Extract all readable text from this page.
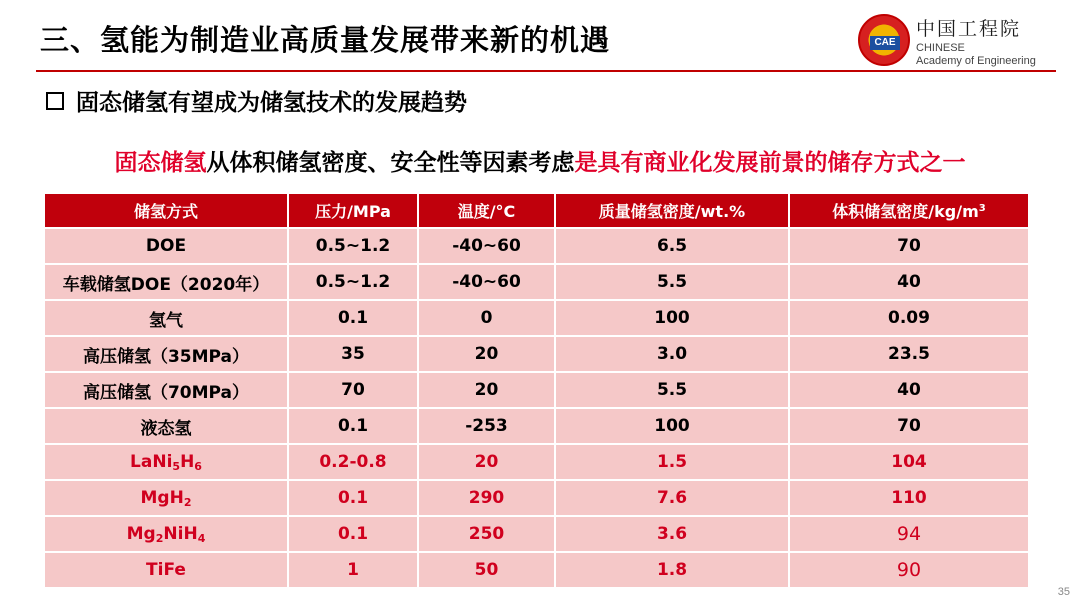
三、氢能为制造业高质量发展带来新的机遇	CAE
中国工程院
CHINESE
Academy of Engineering
固态储氢有望成为储氢技术的发展趋势
固态储氢从体积储氢密度、安全性等因素考虑是具有商业化发展前景的储存方式之一
储氢方式	压力/MPa	温度/°C	质量储氢密度/wt.%	体积储氢密度$/kg/m^3$
DOE	0.5~1.2	-40~60	6.5	70
车载储氢DOE（2020年）	0.5~1.2	-40~60	5.5	40
氢气	0.1	0	100	0.09
高压储氢（35MPa）	35	20	3.0	23.5
高压储氢（70MPa）	70	20	5.5	40
液态氢	0.1	-253	100	70
$LaNi_5H_6$	0.2-0.8	20	1.5	104
MgH$_2$	0.1	290	7.6	110
$Mg_2NiH_4$	0.1	250	3.6	94
TiFe	1	50	1.8	90
35
